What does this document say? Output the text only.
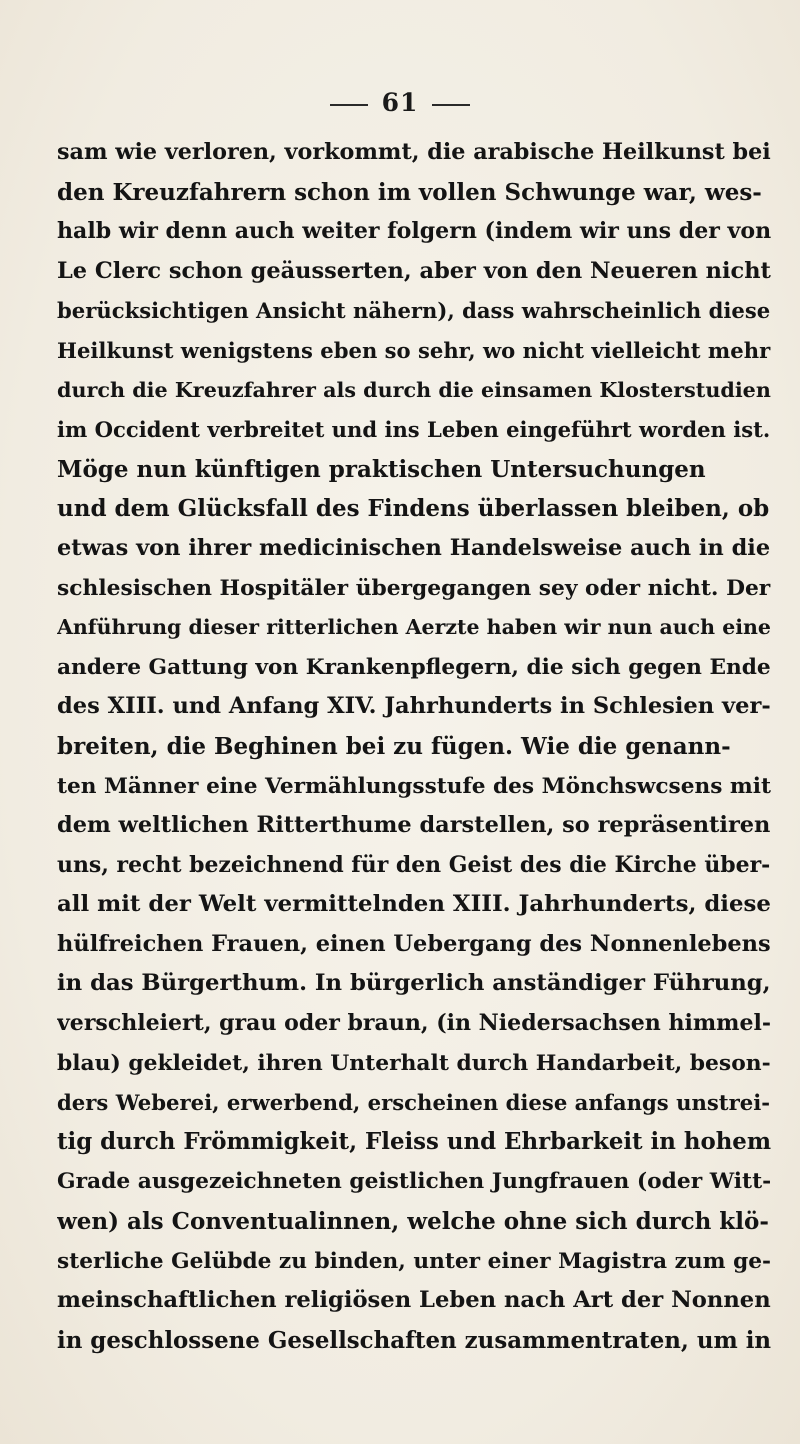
61
sam wie verloren, vorkommt, die arabische Heilkunst bei
den Kreuzfahrern schon im vollen Schwunge war, wes-
halb wir denn auch weiter folgern (indem wir uns der von
Le Clerc schon geäusserten, aber von den Neueren nicht
berücksichtigen Ansicht nähern), dass wahrscheinlich diese
Heilkunst wenigstens eben so sehr, wo nicht vielleicht mehr
durch die Kreuzfahrer als durch die einsamen Klosterstudien
im Occident verbreitet und ins Leben eingeführt worden ist.
Möge nun künftigen praktischen Untersuchungen
und dem Glücksfall des Findens überlassen bleiben, ob
etwas von ihrer medicinischen Handelsweise auch in die
schlesischen Hospitäler übergegangen sey oder nicht. Der
Anführung dieser ritterlichen Aerzte haben wir nun auch eine
andere Gattung von Krankenpflegern, die sich gegen Ende
des XIII. und Anfang XIV. Jahrhunderts in Schlesien ver-
breiten, die Beghinen bei zu fügen. Wie die genann-
ten Männer eine Vermählungsstufe des Mönchswcsens mit
dem weltlichen Ritterthume darstellen, so repräsentiren
uns, recht bezeichnend für den Geist des die Kirche über-
all mit der Welt vermittelnden XIII. Jahrhunderts, diese
hülfreichen Frauen, einen Uebergang des Nonnenlebens
in das Bürgerthum. In bürgerlich anständiger Führung,
verschleiert, grau oder braun, (in Niedersachsen himmel-
blau) gekleidet, ihren Unterhalt durch Handarbeit, beson-
ders Weberei, erwerbend, erscheinen diese anfangs unstrei-
tig durch Frömmigkeit, Fleiss und Ehrbarkeit in hohem
Grade ausgezeichneten geistlichen Jungfrauen (oder Witt-
wen) als Conventualinnen, welche ohne sich durch klö-
sterliche Gelübde zu binden, unter einer Magistra zum ge-
meinschaftlichen religiösen Leben nach Art der Nonnen
in geschlossene Gesellschaften zusammentraten, um in
